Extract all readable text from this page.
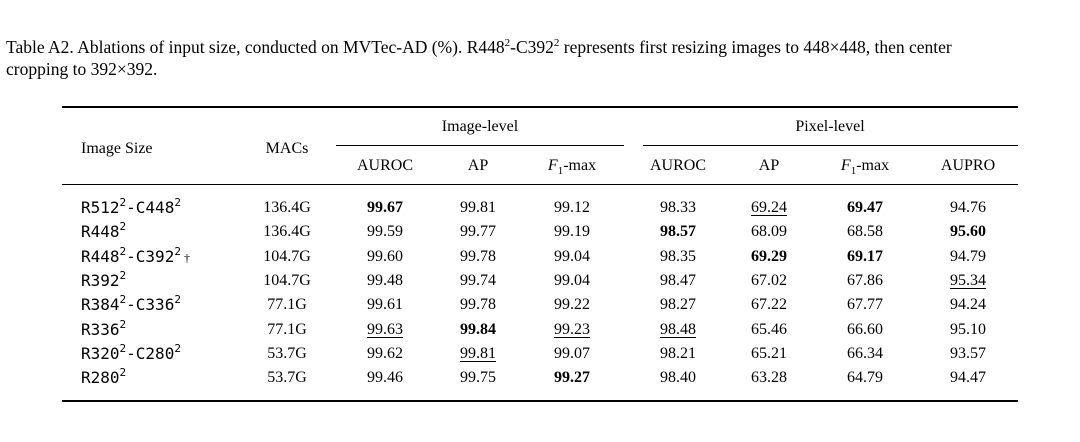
Table A2. Ablations of input size, conducted on MVTec-AD (%). $R448^2-C392^2$ represents first resizing images to 448×448, then center
cropping to 392×392.
Image Size	MACs
Image-level	Pixel-level
AUROC	AP	$F_1-\max$	AUROC	AP	$F_1-\max$	AUPRO
$R512^2-C448^2$	136.4G	99.67	99.81	99.12	98.33	69.24	69.47	94.76
$R448^2$	136.4G	99.59	99.77	99.19	98.57	68.09	68.58	95.60
$R448^2-C392^2$ †	104.7G	99.60	99.78	99.04	98.35	69.29	69.17	94.79
$R392^2$	104.7G	99.48	99.74	99.04	98.47	67.02	67.86	95.34
$R384^2-C336^2$	77.1G	99.61	99.78	99.22	98.27	67.22	67.77	94.24
$R336^2$	77.1G	99.63	99.84	99.23	98.48	65.46	66.60	95.10
$R320^2-C280^2$	53.7G	99.62	99.81	99.07	98.21	65.21	66.34	93.57
$R280^2$	53.7G	99.46	99.75	99.27	98.40	63.28	64.79	94.47
